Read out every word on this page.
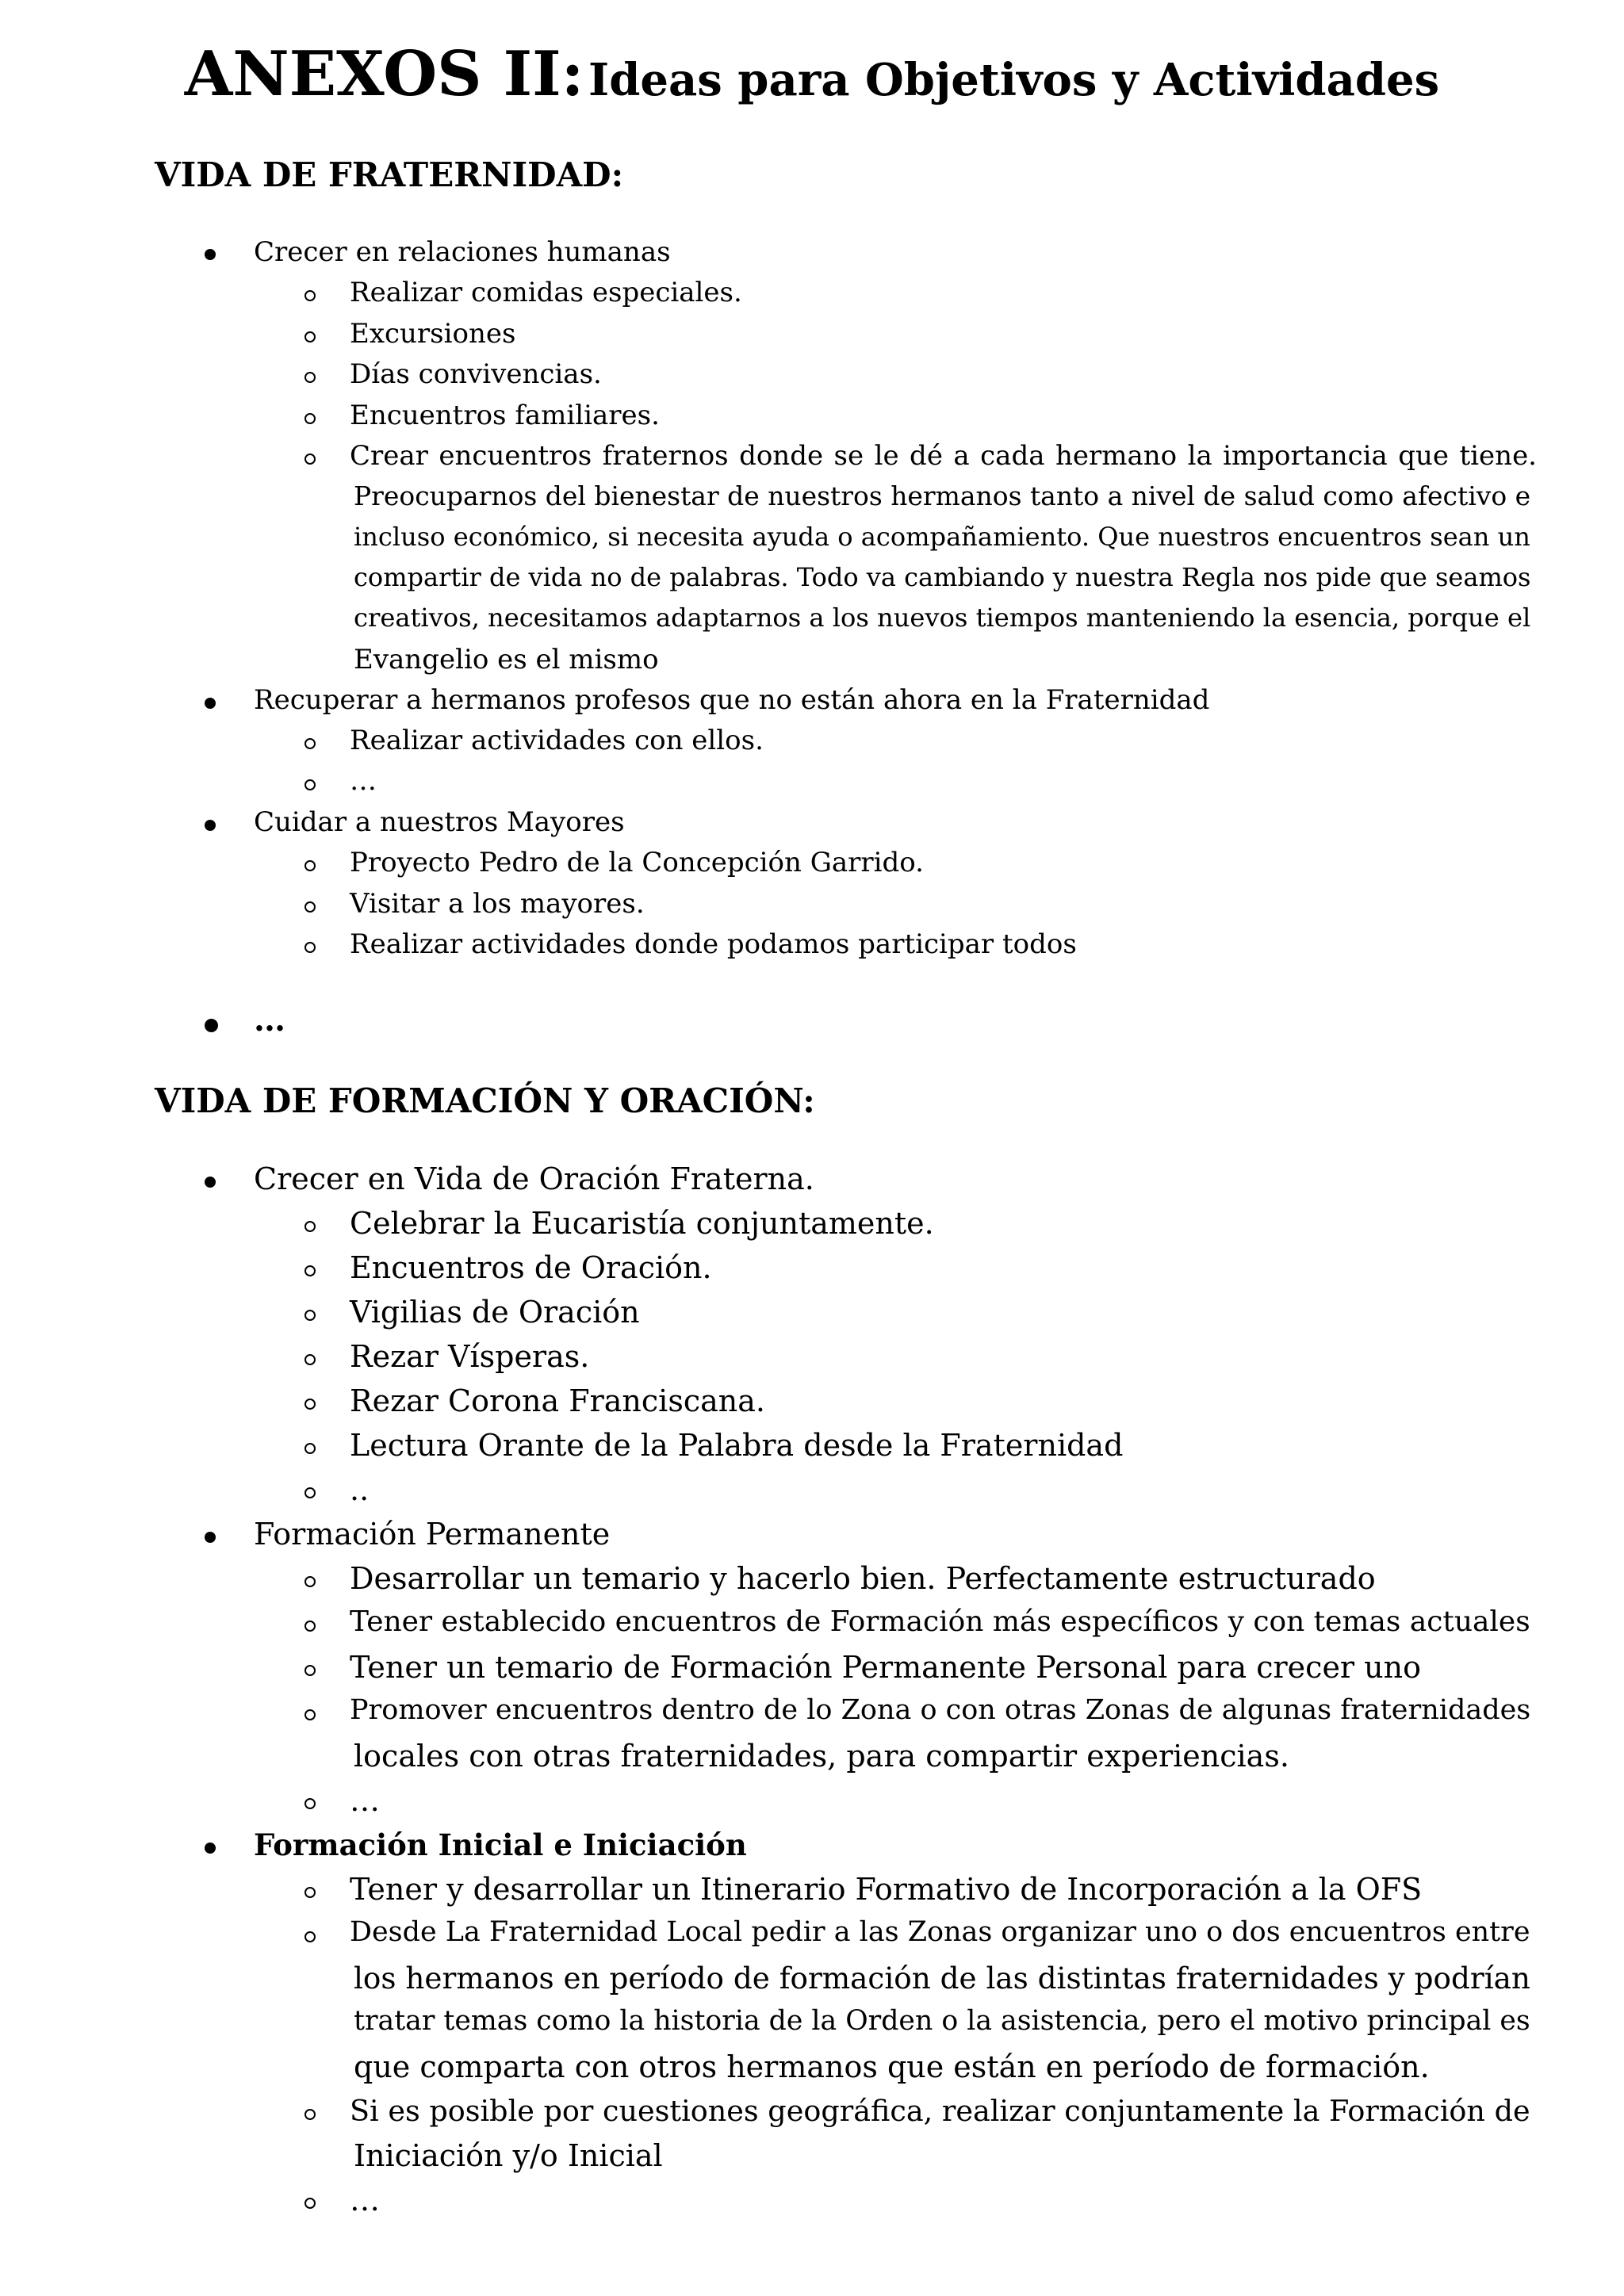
ANEXOS II: Ideas para Objetivos y Actividades
VIDA DE FRATERNIDAD:
Crecer en relaciones humanas
Realizar comidas especiales.
Excursiones
Días convivencias.
Encuentros familiares.
Crear encuentros fraternos donde se le dé a cada hermano la importancia que tiene.
Preocuparnos del bienestar de nuestros hermanos tanto a nivel de salud como afectivo e
incluso económico, si necesita ayuda o acompañamiento. Que nuestros encuentros sean un
compartir de vida no de palabras. Todo va cambiando y nuestra Regla nos pide que seamos
creativos, necesitamos adaptarnos a los nuevos tiempos manteniendo la esencia, porque el
Evangelio es el mismo
Recuperar a hermanos profesos que no están ahora en la Fraternidad
Realizar actividades con ellos.
…
Cuidar a nuestros Mayores
Proyecto Pedro de la Concepción Garrido.
Visitar a los mayores.
Realizar actividades donde podamos participar todos
…
VIDA DE FORMACIÓN Y ORACIÓN:
Crecer en Vida de Oración Fraterna.
Celebrar la Eucaristía conjuntamente.
Encuentros de Oración.
Vigilias de Oración
Rezar Vísperas.
Rezar Corona Franciscana.
Lectura Orante de la Palabra desde la Fraternidad
..
Formación Permanente
Desarrollar un temario y hacerlo bien. Perfectamente estructurado
Tener establecido encuentros de Formación más específicos y con temas actuales
Tener un temario de Formación Permanente Personal para crecer uno
Promover encuentros dentro de lo Zona o con otras Zonas de algunas fraternidades
locales con otras fraternidades, para compartir experiencias.
…
Formación Inicial e Iniciación
Tener y desarrollar un Itinerario Formativo de Incorporación a la OFS
Desde La Fraternidad Local pedir a las Zonas organizar uno o dos encuentros entre
los hermanos en período de formación de las distintas fraternidades y podrían
tratar temas como la historia de la Orden o la asistencia, pero el motivo principal es
que comparta con otros hermanos que están en período de formación.
Si es posible por cuestiones geográfica, realizar conjuntamente la Formación de
Iniciación y/o Inicial
…
